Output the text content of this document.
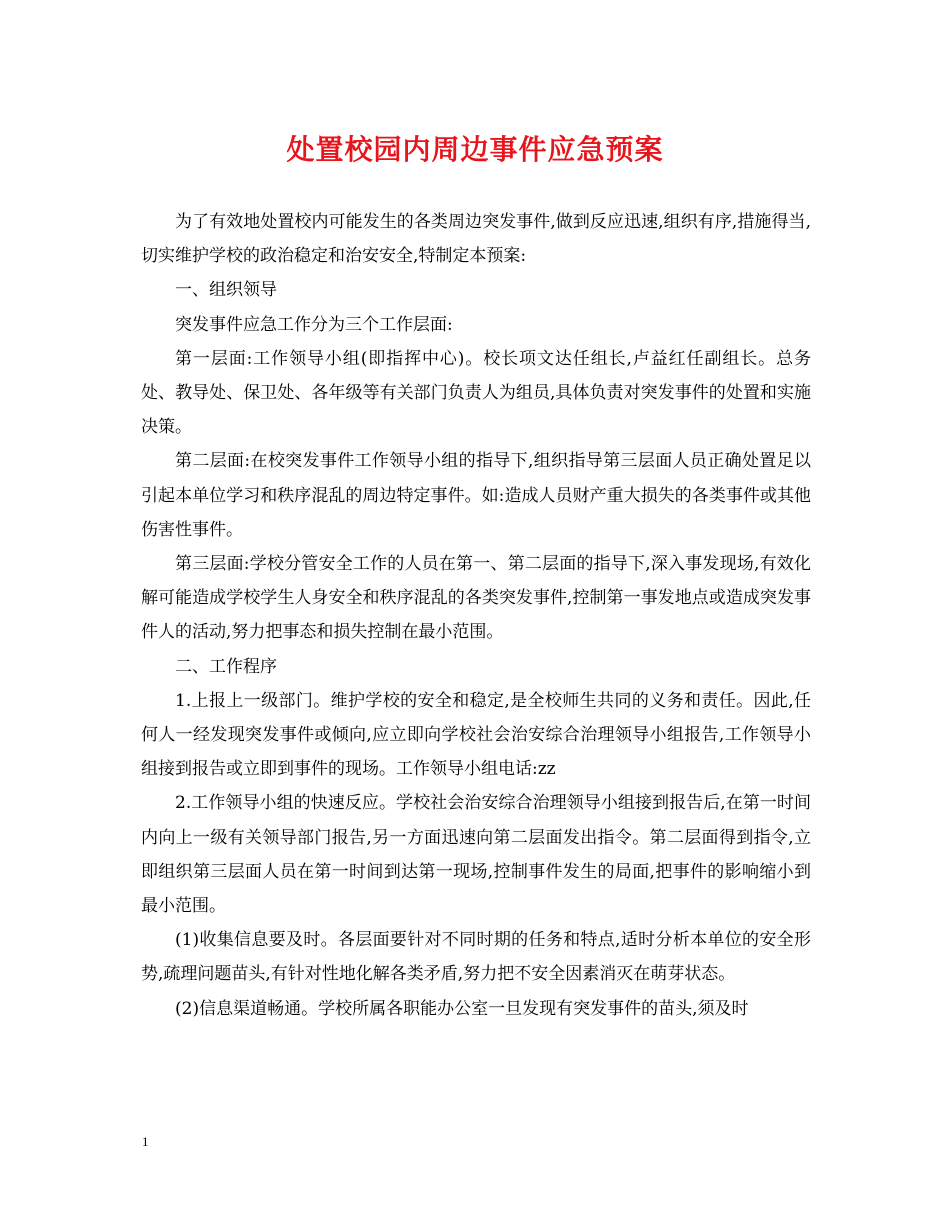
处置校园内周边事件应急预案

为了有效地处置校内可能发生的各类周边突发事件,做到反应迅速,组织有序,措施得当,切实维护学校的政治稳定和治安安全,特制定本预案:

一、组织领导

突发事件应急工作分为三个工作层面:

第一层面:工作领导小组(即指挥中心)。校长项文达任组长,卢益红任副组长。总务处、教导处、保卫处、各年级等有关部门负责人为组员,具体负责对突发事件的处置和实施决策。

第二层面:在校突发事件工作领导小组的指导下,组织指导第三层面人员正确处置足以引起本单位学习和秩序混乱的周边特定事件。如:造成人员财产重大损失的各类事件或其他伤害性事件。

第三层面:学校分管安全工作的人员在第一、第二层面的指导下,深入事发现场,有效化解可能造成学校学生人身安全和秩序混乱的各类突发事件,控制第一事发地点或造成突发事件人的活动,努力把事态和损失控制在最小范围。

二、工作程序

1.上报上一级部门。维护学校的安全和稳定,是全校师生共同的义务和责任。因此,任何人一经发现突发事件或倾向,应立即向学校社会治安综合治理领导小组报告,工作领导小组接到报告或立即到事件的现场。工作领导小组电话:zz

2.工作领导小组的快速反应。学校社会治安综合治理领导小组接到报告后,在第一时间内向上一级有关领导部门报告,另一方面迅速向第二层面发出指令。第二层面得到指令,立即组织第三层面人员在第一时间到达第一现场,控制事件发生的局面,把事件的影响缩小到最小范围。

(1)收集信息要及时。各层面要针对不同时期的任务和特点,适时分析本单位的安全形势,疏理问题苗头,有针对性地化解各类矛盾,努力把不安全因素消灭在萌芽状态。

(2)信息渠道畅通。学校所属各职能办公室一旦发现有突发事件的苗头,须及时

1
